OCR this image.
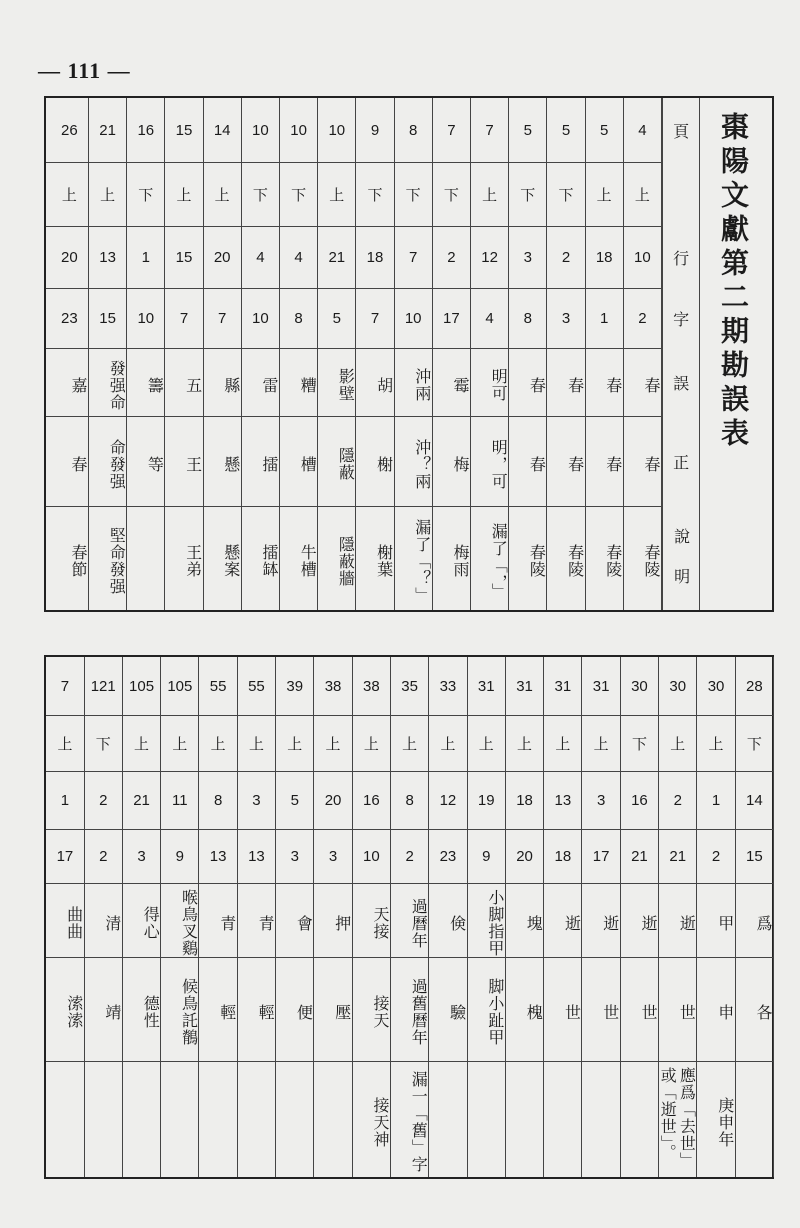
— 111 —
棗陽文獻第二期勘誤表
頁
行
字
誤
正
說　明
4
上
10
2
春
春
春陵
5
上
18
1
春
春
春陵
5
下
2
3
春
春
春陵
5
下
3
8
春
春
春陵
7
上
12
4
明可
明，可
漏了「，」
7
下
2
17
霉
梅
梅雨
8
下
7
10
沖兩
沖？兩
漏了「？」
9
下
18
7
胡
榭
榭葉
10
上
21
5
影壁
隱蔽
隱蔽牆
10
下
4
8
糟
槽
牛槽
10
下
4
10
雷
擂
擂缽
14
上
20
7
縣
懸
懸案
15
上
15
7
五
王
王弟
16
下
1
10
籌
等
21
上
13
15
發强命
命發强
堅命發强
26
上
20
23
嘉
春
春節
28
下
14
15
爲
各
30
上
1
2
甲
申
庚申年
30
上
2
21
逝
世
應爲「去世」或「逝世」。
30
下
16
21
逝
世
31
上
3
17
逝
世
31
上
13
18
逝
世
31
上
18
20
塊
槐
31
上
19
9
小脚指甲
脚小趾甲
33
上
12
23
倹
驗
35
上
8
2
過曆年
過舊曆年
漏一「舊」字
38
上
16
10
天接
接天
接天神
38
上
20
3
押
壓
39
上
5
3
會
便
55
上
3
13
青
輕
55
上
8
13
青
輕
105
上
11
9
喉鳥叉鷄
候鳥託鶺
105
上
21
3
得心
德性
121
下
2
2
清
靖
7
上
1
17
曲曲
溹溹
